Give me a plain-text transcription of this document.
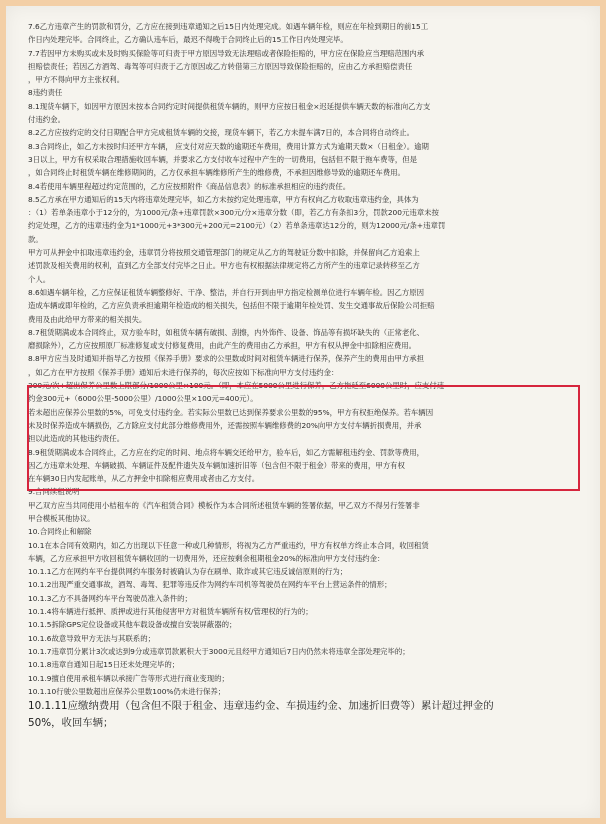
7.6乙方违章产生的罚款和罚分，乙方应在接到违章通知之后15日内处理完成。如遇车辆年检，则应在年检到期日的前15工
作日内处理完毕。合同终止，乙方确认违车后，最迟不得晚于合同终止后的15工作日内处理完毕。
7.7若因甲方未购买或未及时购买保险等可归责于甲方原因导致无法理赔或者保险拒赔的，甲方应在保险应当理赔范围内承
担赔偿责任；若因乙方酒驾、毒驾等可归责于乙方原因或乙方转借第三方原因导致保险拒赔的，应由乙方承担赔偿责任
，甲方不得向甲方主张权利。
8违约责任
8.1现货车辆下，如因甲方原因未按本合同约定时间提供租赁车辆的，则甲方应按日租金×迟延提供车辆天数的标准向乙方支
付违约金。
8.2乙方应按约定的交付日期配合甲方完成租赁车辆的交接，现货车辆下，若乙方未提车满7日的，本合同将自动终止。
8.3合同终止，如乙方未按时归还甲方车辆， 应支付对应天数的逾期还车费用，费用计算方式为逾期天数×（日租金）。逾期
3日以上，甲方有权采取合理措施收回车辆，并要求乙方支付收车过程中产生的一切费用，包括但不限于拖车费等，但是
，如合同终止时租赁车辆在维修期间的，乙方仅承担车辆维修所产生的维修费，不承担因维修导致的逾期还车费用。
8.4若使用车辆里程超过约定范围的，乙方应按照附件《商品信息表》的标准承担相应的违约责任。
8.5乙方承在甲方通知后的15天内将违章处理完毕，如乙方未按约定处理违章，甲方有权向乙方收取违章违约金，具体为
：（1）若单条违章小于12分的，为1000元/条+违章罚款×300元/分×违章分数（即，若乙方有条扣3分，罚款200元违章未按
约定处理，乙方的违章违约金为1*1000元+3*300元+200元=2100元）（2）若单条违章达12分的，则为12000元/条+违章罚
款。
甲方可从押金中扣取违章违约金，违章罚分将按照交通管理部门的规定从乙方的驾驶证分数中扣除，并保留向乙方追索上
述罚款及相关费用的权利，直到乙方全部支付完毕之日止。甲方也有权根据法律规定将乙方所产生的违章记录转移至乙方
个人。
8.6如遇车辆年检，乙方应保证租赁车辆整修好、干净、整洁，并自行开到由甲方指定检测单位进行车辆年检。因乙方原因
造成车辆或即年检的，乙方应负责承担逾期年检造成的相关损失，包括但不限于逾期年检处罚、发生交通事故后保险公司拒赔
费用及由此给甲方带来的相关损失。
8.7租赁期满或本合同终止，双方验车时，如租赁车辆有破损、刮擦，内外饰件、设备、饰品等有损坏缺失的（正常老化、
磨损除外），乙方应按照原厂标准修复或支付修复费用，由此产生的费用由乙方承担，甲方有权从押金中扣除相应费用。
8.8甲方应当及时通知并指导乙方按照《保养手册》要求的公里数或时间对租赁车辆进行保养，保养产生的费用由甲方承担
，如乙方在甲方按照《保养手册》通知后未进行保养的，每次应按如下标准向甲方支付违约金：
300元/次+超出保养公里数上限部分/1000公里×100元。（即，本应在5000公里进行保养，乙方拖延至6000公里时，应支付违
约金300元+（6000公里-5000公里）/1000公里×100元=400元）。
若未超出应保养公里数的5%，可免支付违约金。若实际公里数已达到保养要求公里数的95%，甲方有权拒绝保养。若车辆因
未及时保养造成车辆损伤，乙方除应支付此部分维修费用外，还需按照车辆维修费的20%向甲方支付车辆折损费用，并承
担以此造成的其他违约责任。
8.9租赁期满或本合同终止，乙方应在约定的时间、地点将车辆交还给甲方，验车后，如乙方需解租违约金、罚款等费用，
因乙方违章未处理、车辆破损、车辆证件及配件遗失及车辆加速折旧等（包含但不限于租金）带来的费用，甲方有权
在车辆30日内发起账单，从乙方押金中扣除相应费用或者由乙方支付。
9.合同续租说明
甲乙双方应当共同使用小桔租车的《汽车租赁合同》模板作为本合同所述租赁车辆的签署依据，甲乙双方不得另行签署非
甲合模板其他协议。
10.合同终止和解除
10.1在本合同有效期内，如乙方出现以下任意一种或几种情形，将视为乙方严重违约，甲方有权单方终止本合同，收回租赁
车辆，乙方应承担甲方收回租赁车辆收回的一切费用外，还应按剩余租期租金20%的标准向甲方支付违约金：
10.1.1乙方在网约车平台提供网约车服务时被确认为存在刷单、欺诈或其它违反诚信原则的行为；
10.1.2出现严重交通事故，酒驾、毒驾、犯罪等违反作为网约车司机等驾驶员在网约车平台上营运条件的情形；
10.1.3乙方不具备网约车平台驾驶员准入条件的；
10.1.4将车辆进行抵押、质押或进行其他侵害甲方对租赁车辆所有权/管理权的行为的；
10.1.5拆除GPS定位设备或其他车载设备或擅自安装屏蔽器的；
10.1.6故意导致甲方无法与其联系的；
10.1.7违章罚分累计3次或达到9分或违章罚款累积大于3000元且经甲方通知后7日内仍然未将违章全部处理完毕的；
10.1.8违章自通知日起15日还未处理完毕的；
10.1.9擅自使用承租车辆以承接广告等形式进行商业变现的；
10.1.10行驶公里数超出应保养公里数100%仍未进行保养；
10.1.11应缴纳费用（包含但不限于租金、违章违约金、车损违约金、加速折旧费等）累计超过押金的
50%，收回车辆；
